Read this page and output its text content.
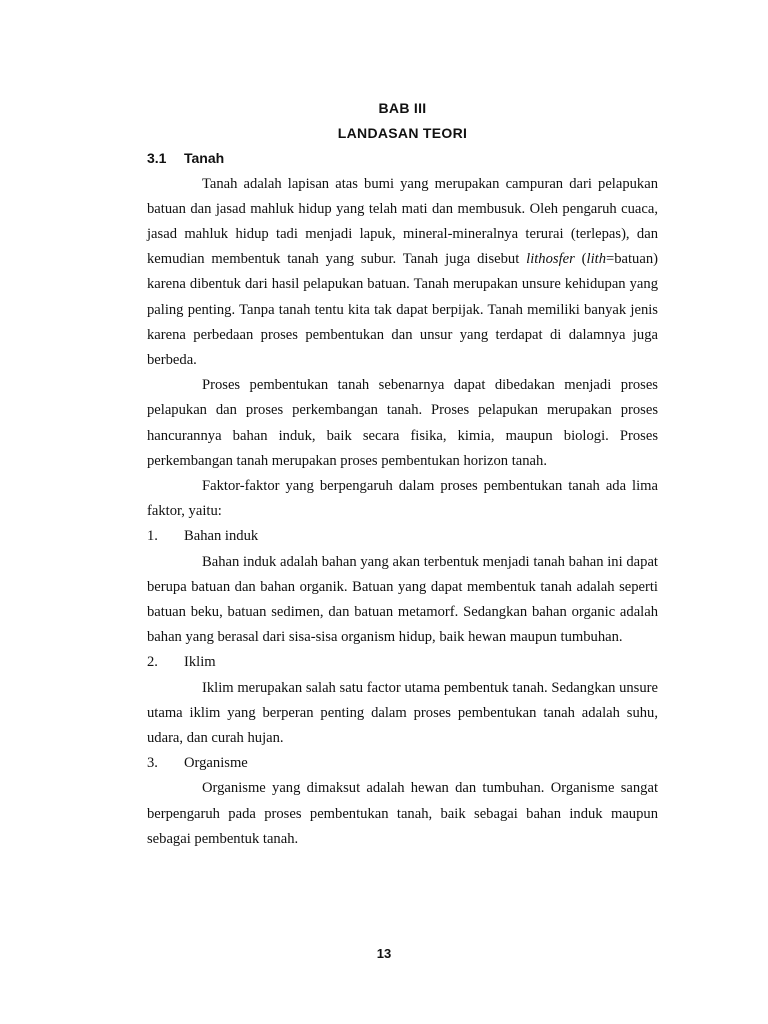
BAB III
LANDASAN TEORI
3.1 Tanah

Tanah adalah lapisan atas bumi yang merupakan campuran dari pelapukan batuan dan jasad mahluk hidup yang telah mati dan membusuk. Oleh pengaruh cuaca, jasad mahluk hidup tadi menjadi lapuk, mineral-mineralnya terurai (terlepas), dan kemudian membentuk tanah yang subur. Tanah juga disebut lithosfer (lith=batuan) karena dibentuk dari hasil pelapukan batuan. Tanah merupakan unsure kehidupan yang paling penting. Tanpa tanah tentu kita tak dapat berpijak. Tanah memiliki banyak jenis karena perbedaan proses pembentukan dan unsur yang terdapat di dalamnya juga berbeda.

Proses pembentukan tanah sebenarnya dapat dibedakan menjadi proses pelapukan dan proses perkembangan tanah. Proses pelapukan merupakan proses hancurannya bahan induk, baik secara fisika, kimia, maupun biologi. Proses perkembangan tanah merupakan proses pembentukan horizon tanah.

Faktor-faktor yang berpengaruh dalam proses pembentukan tanah ada lima faktor, yaitu:

1. Bahan induk

Bahan induk adalah bahan yang akan terbentuk menjadi tanah bahan ini dapat berupa batuan dan bahan organik. Batuan yang dapat membentuk tanah adalah seperti batuan beku, batuan sedimen, dan batuan metamorf. Sedangkan bahan organic adalah bahan yang berasal dari sisa-sisa organism hidup, baik hewan maupun tumbuhan.

2. Iklim

Iklim merupakan salah satu factor utama pembentuk tanah. Sedangkan unsure utama iklim yang berperan penting dalam proses pembentukan tanah adalah suhu, udara, dan curah hujan.

3. Organisme

Organisme yang dimaksut adalah hewan dan tumbuhan. Organisme sangat berpengaruh pada proses pembentukan tanah, baik sebagai bahan induk maupun sebagai pembentuk tanah.

13
